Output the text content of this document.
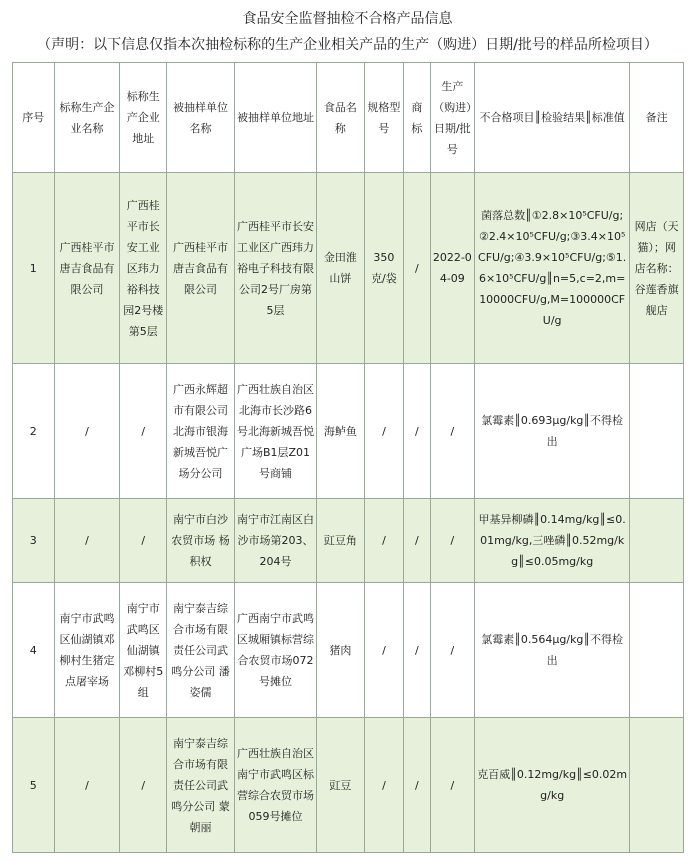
食品安全监督抽检不合格产品信息
（声明：以下信息仅指本次抽检标称的生产企业相关产品的生产（购进）日期/批号的样品所检项目）
序号	标称生产企业名称	标称生产企业地址	被抽样单位名称	被抽样单位地址	食品名称	规格型号	商标	生产（购进）日期/批号	不合格项目║检验结果║标准值	备注
1	广西桂平市唐吉食品有限公司	广西桂平市长安工业区玮力裕科技园2号楼第5层	广西桂平市唐吉食品有限公司	广西桂平市长安工业区广西玮力裕电子科技有限公司2号厂房第5层	金田淮山饼	350克/袋	/	2022-04-09	菌落总数║①2.8×10⁵CFU/g;②2.4×10⁵CFU/g;③3.4×10⁵CFU/g;④3.9×10⁵CFU/g;⑤1.6×10⁵CFU/g║n=5,c=2,m=10000CFU/g,M=100000CFU/g	网店（天猫）；网店名称：谷莲香旗舰店
2	/	/	广西永辉超市有限公司北海市银海新城吾悦广场分公司	广西壮族自治区北海市长沙路6号北海新城吾悦广场B1层Z01号商铺	海鲈鱼	/	/	/	氯霉素║0.693μg/kg║不得检出	
3	/	/	南宁市白沙农贸市场 杨积权	南宁市江南区白沙市场第203、204号	豇豆角	/	/	/	甲基异柳磷║0.14mg/kg║≤0.01mg/kg,三唑磷║0.52mg/kg║≤0.05mg/kg	
4	南宁市武鸣区仙湖镇邓柳村生猪定点屠宰场	南宁市武鸣区仙湖镇邓柳村5组	南宁泰吉综合市场有限责任公司武鸣分公司 潘姿儒	广西南宁市武鸣区城厢镇标营综合农贸市场072号摊位	猪肉	/	/	/	氯霉素║0.564μg/kg║不得检出	
5	/	/	南宁泰吉综合市场有限责任公司武鸣分公司 蒙朝丽	广西壮族自治区南宁市武鸣区标营综合农贸市场059号摊位	豇豆	/	/	/	克百威║0.12mg/kg║≤0.02mg/kg	
